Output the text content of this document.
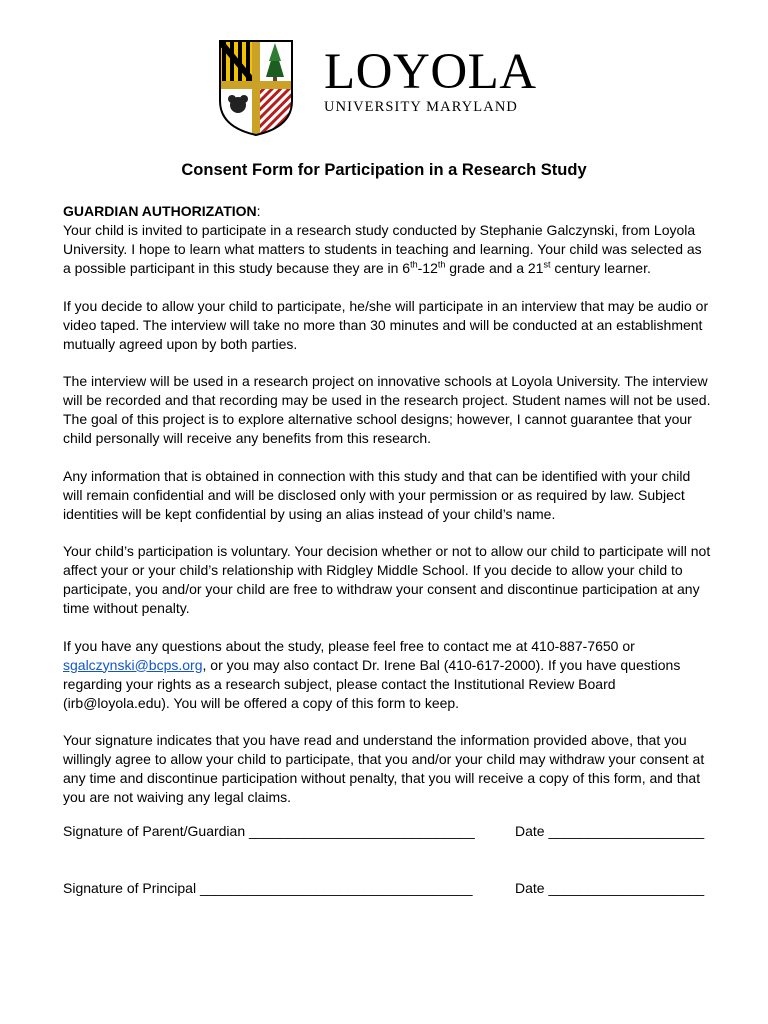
LOYOLA
UNIVERSITY MARYLAND
Consent Form for Participation in a Research Study

GUARDIAN AUTHORIZATION:
Your child is invited to participate in a research study conducted by Stephanie Galczynski, from Loyola University. I hope to learn what matters to students in teaching and learning. Your child was selected as a possible participant in this study because they are in 6th-12th grade and a 21st century learner.

If you decide to allow your child to participate, he/she will participate in an interview that may be audio or video taped. The interview will take no more than 30 minutes and will be conducted at an establishment mutually agreed upon by both parties.

The interview will be used in a research project on innovative schools at Loyola University. The interview will be recorded and that recording may be used in the research project. Student names will not be used. The goal of this project is to explore alternative school designs; however, I cannot guarantee that your child personally will receive any benefits from this research.

Any information that is obtained in connection with this study and that can be identified with your child will remain confidential and will be disclosed only with your permission or as required by law. Subject identities will be kept confidential by using an alias instead of your child’s name.

Your child’s participation is voluntary. Your decision whether or not to allow our child to participate will not affect your or your child’s relationship with Ridgley Middle School. If you decide to allow your child to participate, you and/or your child are free to withdraw your consent and discontinue participation at any time without penalty.

If you have any questions about the study, please feel free to contact me at 410-887-7650 or sgalczynski@bcps.org, or you may also contact Dr. Irene Bal (410-617-2000). If you have questions regarding your rights as a research subject, please contact the Institutional Review Board (irb@loyola.edu). You will be offered a copy of this form to keep.

Your signature indicates that you have read and understand the information provided above, that you willingly agree to allow your child to participate, that you and/or your child may withdraw your consent at any time and discontinue participation without penalty, that you will receive a copy of this form, and that you are not waiving any legal claims.

Signature of Parent/Guardian _____________________________	Date ____________________
Signature of Principal ___________________________________	Date ____________________
